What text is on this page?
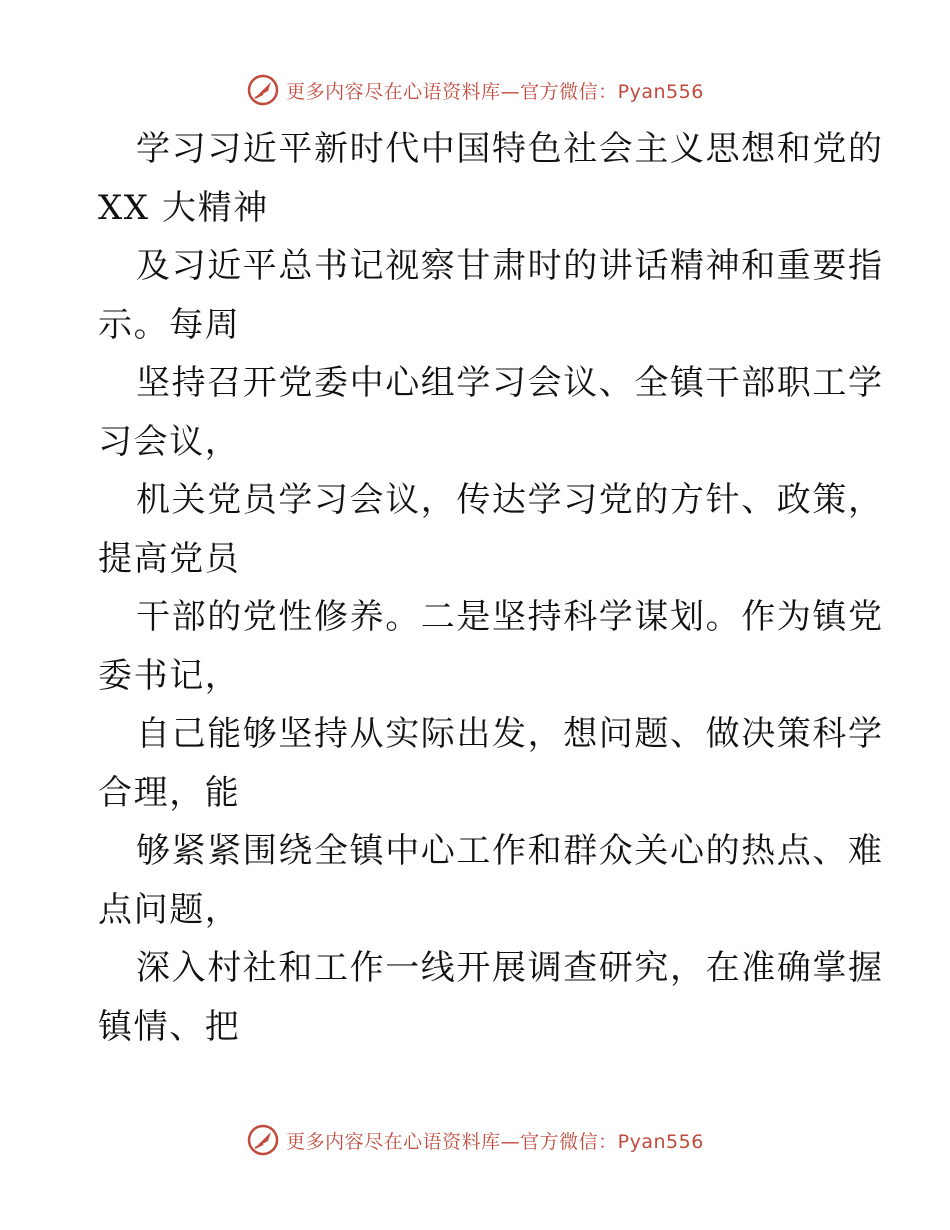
更多内容尽在心语资料库—官方微信：Pyan556
学习习近平新时代中国特色社会主义思想和党的
XX 大精神
及习近平总书记视察甘肃时的讲话精神和重要指
示。每周
坚持召开党委中心组学习会议、全镇干部职工学
习会议，
机关党员学习会议，传达学习党的方针、政策，
提高党员
干部的党性修养。二是坚持科学谋划。作为镇党
委书记，
自己能够坚持从实际出发，想问题、做决策科学
合理，能
够紧紧围绕全镇中心工作和群众关心的热点、难
点问题，
深入村社和工作一线开展调查研究，在准确掌握
镇情、把
更多内容尽在心语资料库—官方微信：Pyan556
